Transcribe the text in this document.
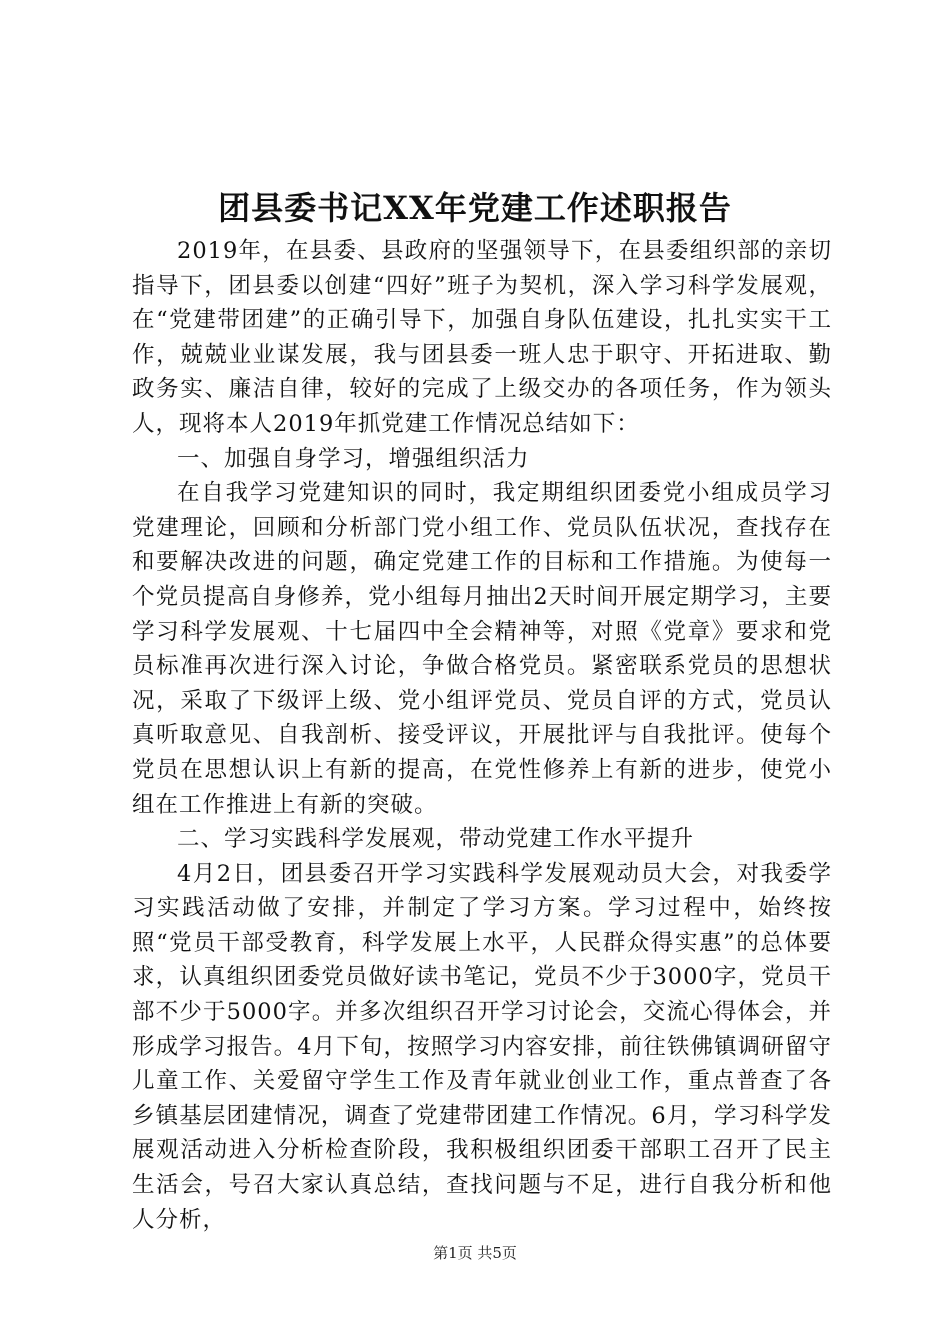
团县委书记XX年党建工作述职报告

2019年，在县委、县政府的坚强领导下，在县委组织部的亲切指导下，团县委以创建“四好”班子为契机，深入学习科学发展观，在“党建带团建”的正确引导下，加强自身队伍建设，扎扎实实干工作，兢兢业业谋发展，我与团县委一班人忠于职守、开拓进取、勤政务实、廉洁自律，较好的完成了上级交办的各项任务，作为领头人，现将本人2019年抓党建工作情况总结如下：

一、加强自身学习，增强组织活力

在自我学习党建知识的同时，我定期组织团委党小组成员学习党建理论，回顾和分析部门党小组工作、党员队伍状况，查找存在和要解决改进的问题，确定党建工作的目标和工作措施。为使每一个党员提高自身修养，党小组每月抽出2天时间开展定期学习，主要学习科学发展观、十七届四中全会精神等，对照《党章》要求和党员标准再次进行深入讨论，争做合格党员。紧密联系党员的思想状况，采取了下级评上级、党小组评党员、党员自评的方式，党员认真听取意见、自我剖析、接受评议，开展批评与自我批评。使每个党员在思想认识上有新的提高，在党性修养上有新的进步，使党小组在工作推进上有新的突破。

二、学习实践科学发展观，带动党建工作水平提升

4月2日，团县委召开学习实践科学发展观动员大会，对我委学习实践活动做了安排，并制定了学习方案。学习过程中，始终按照“党员干部受教育，科学发展上水平，人民群众得实惠”的总体要求，认真组织团委党员做好读书笔记，党员不少于3000字，党员干部不少于5000字。并多次组织召开学习讨论会，交流心得体会，并形成学习报告。4月下旬，按照学习内容安排，前往铁佛镇调研留守儿童工作、关爱留守学生工作及青年就业创业工作，重点普查了各乡镇基层团建情况，调查了党建带团建工作情况。6月，学习科学发展观活动进入分析检查阶段，我积极组织团委干部职工召开了民主生活会，号召大家认真总结，查找问题与不足，进行自我分析和他人分析，

第1页 共5页
